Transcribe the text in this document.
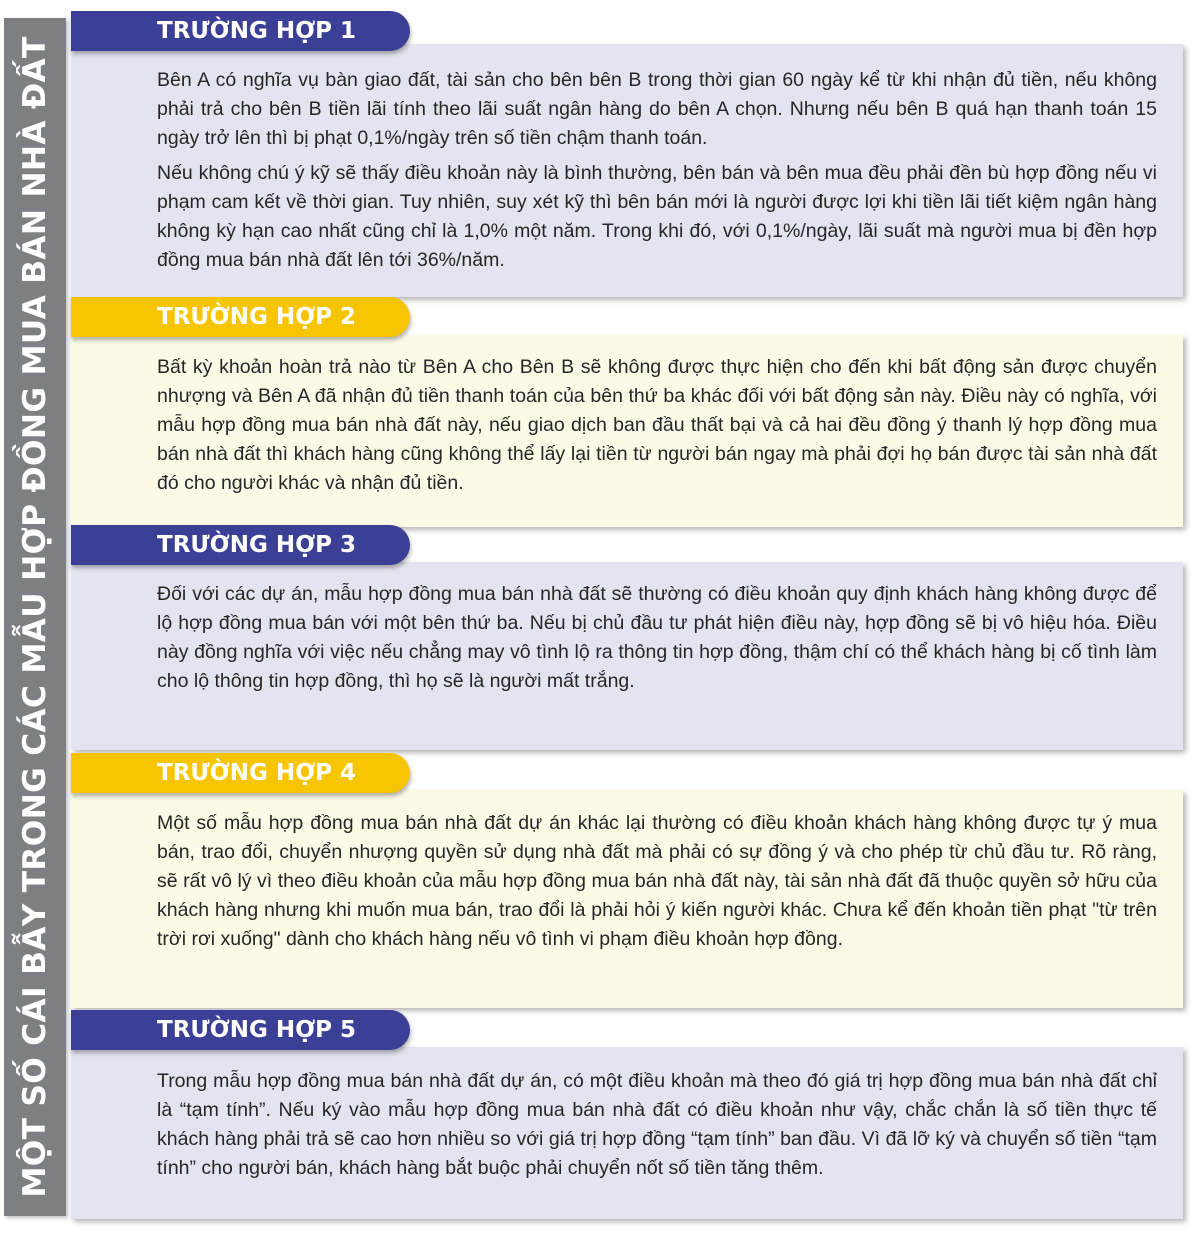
MỘT SỐ CÁI BẪY TRONG CÁC MẪU HỢP ĐỒNG MUA BÁN NHÀ ĐẤT	Bên A có nghĩa vụ bàn giao đất, tài sản cho bên bên B trong thời gian 60 ngày kể từ khi nhận đủ tiền, nếu không phải trả cho bên B tiền lãi tính theo lãi suất ngân hàng do bên A chọn. Nhưng nếu bên B quá hạn thanh toán 15 ngày trở lên thì bị phạt 0,1%/ngày trên số tiền chậm thanh toán.

Nếu không chú ý kỹ sẽ thấy điều khoản này là bình thường, bên bán và bên mua đều phải đền bù hợp đồng nếu vi phạm cam kết về thời gian. Tuy nhiên, suy xét kỹ thì bên bán mới là người được lợi khi tiền lãi tiết kiệm ngân hàng không kỳ hạn cao nhất cũng chỉ là 1,0% một năm. Trong khi đó, với 0,1%/ngày, lãi suất mà người mua bị đền hợp đồng mua bán nhà đất lên tới 36%/năm.

TRƯỜNG HỢP 1

Bất kỳ khoản hoàn trả nào từ Bên A cho Bên B sẽ không được thực hiện cho đến khi bất động sản được chuyển nhượng và Bên A đã nhận đủ tiền thanh toán của bên thứ ba khác đối với bất động sản này. Điều này có nghĩa, với mẫu hợp đồng mua bán nhà đất này, nếu giao dịch ban đầu thất bại và cả hai đều đồng ý thanh lý hợp đồng mua bán nhà đất thì khách hàng cũng không thể lấy lại tiền từ người bán ngay mà phải đợi họ bán được tài sản nhà đất đó cho người khác và nhận đủ tiền.

TRƯỜNG HỢP 2

Đối với các dự án, mẫu hợp đồng mua bán nhà đất sẽ thường có điều khoản quy định khách hàng không được để lộ hợp đồng mua bán với một bên thứ ba. Nếu bị chủ đầu tư phát hiện điều này, hợp đồng sẽ bị vô hiệu hóa. Điều này đồng nghĩa với việc nếu chẳng may vô tình lộ ra thông tin hợp đồng, thậm chí có thể khách hàng bị cố tình làm cho lộ thông tin hợp đồng, thì họ sẽ là người mất trắng.

TRƯỜNG HỢP 3

Một số mẫu hợp đồng mua bán nhà đất dự án khác lại thường có điều khoản khách hàng không được tự ý mua bán, trao đổi, chuyển nhượng quyền sử dụng nhà đất mà phải có sự đồng ý và cho phép từ chủ đầu tư. Rõ ràng, sẽ rất vô lý vì theo điều khoản của mẫu hợp đồng mua bán nhà đất này, tài sản nhà đất đã thuộc quyền sở hữu của khách hàng nhưng khi muốn mua bán, trao đổi là phải hỏi ý kiến người khác. Chưa kể đến khoản tiền phạt "từ trên trời rơi xuống" dành cho khách hàng nếu vô tình vi phạm điều khoản hợp đồng.

TRƯỜNG HỢP 4

Trong mẫu hợp đồng mua bán nhà đất dự án, có một điều khoản mà theo đó giá trị hợp đồng mua bán nhà đất chỉ là “tạm tính”. Nếu ký vào mẫu hợp đồng mua bán nhà đất có điều khoản như vậy, chắc chắn là số tiền thực tế khách hàng phải trả sẽ cao hơn nhiều so với giá trị hợp đồng “tạm tính” ban đầu. Vì đã lỡ ký và chuyển số tiền “tạm tính” cho người bán, khách hàng bắt buộc phải chuyển nốt số tiền tăng thêm.

TRƯỜNG HỢP 5
